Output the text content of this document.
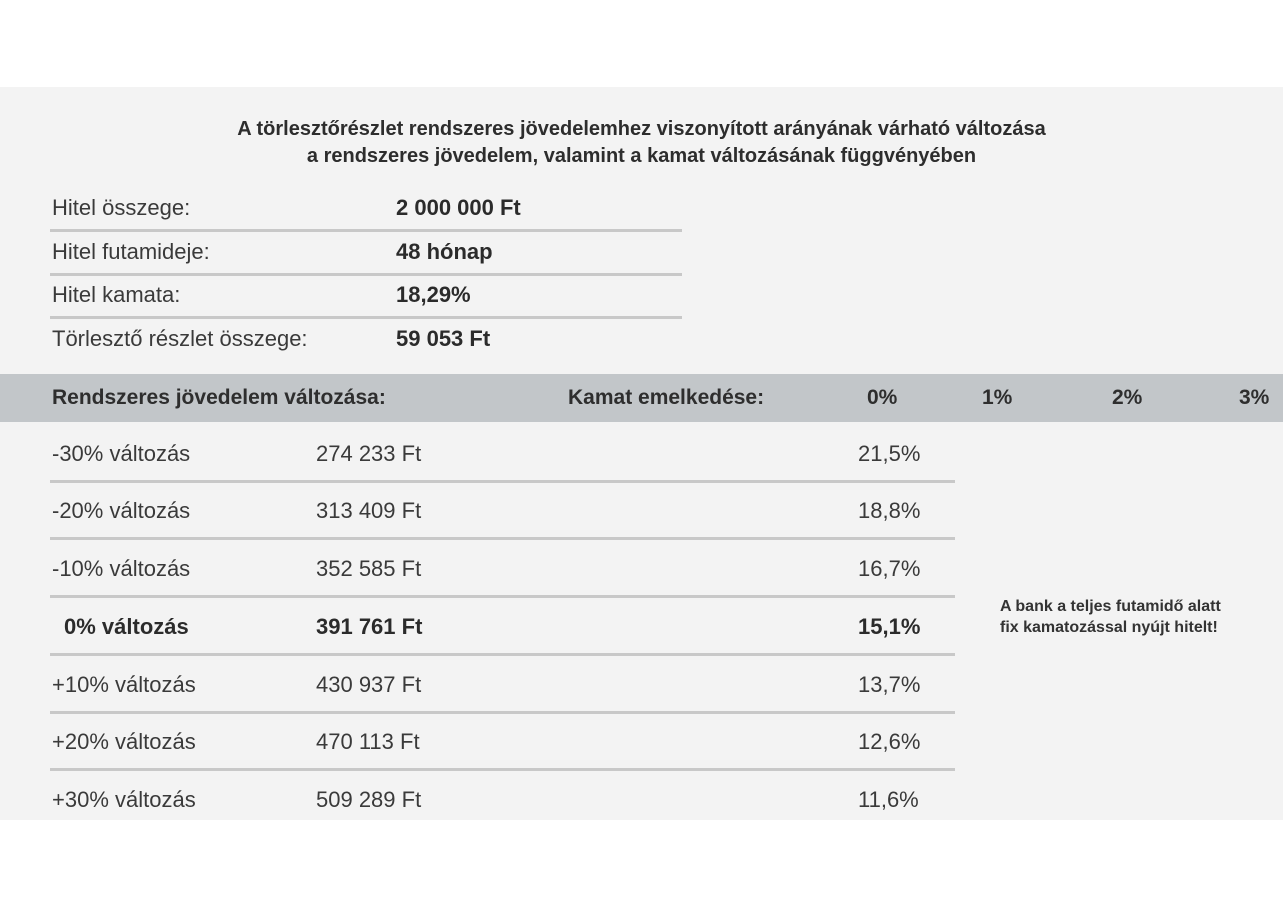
A törlesztőrészlet rendszeres jövedelemhez viszonyított arányának várható változása
a rendszeres jövedelem, valamint a kamat változásának függvényében
Hitel összege:	2 000 000 Ft
Hitel futamideje:	48 hónap
Hitel kamata:	18,29%
Törlesztő részlet összege:	59 053 Ft
Rendszeres jövedelem változása:	Kamat emelkedése:	0%	1%	2%	3%
-30% változás	274 233 Ft	21,5%
-20% változás	313 409 Ft	18,8%
-10% változás	352 585 Ft	16,7%
0% változás	391 761 Ft	15,1%
+10% változás	430 937 Ft	13,7%
+20% változás	470 113 Ft	12,6%
+30% változás	509 289 Ft	11,6%
A bank a teljes futamidő alatt
fix kamatozással nyújt hitelt!
